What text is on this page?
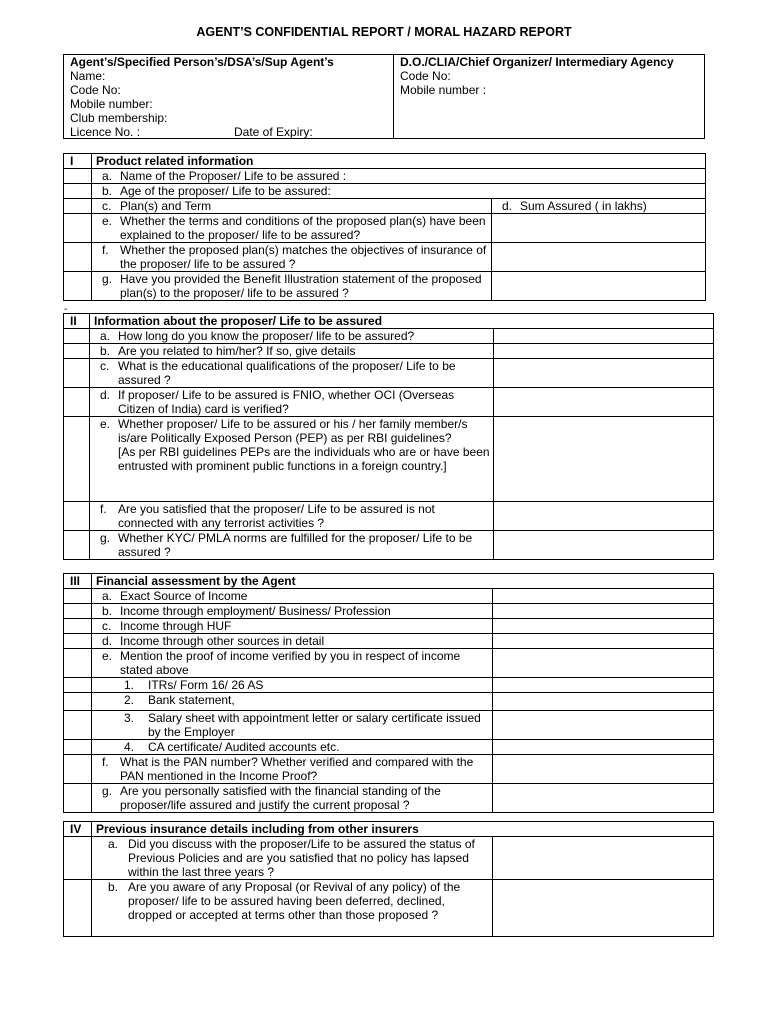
AGENT’S CONFIDENTIAL REPORT / MORAL HAZARD REPORT
Agent’s/Specified Person’s/DSA’s/Sup Agent’s
Name:
Code No:
Mobile number:
Club membership:
Licence No. :	Date of Expiry:
D.O./CLIA/Chief Organizer/ Intermediary Agency
Code No:
Mobile number :
I	Product related information	

	a. Name of the Proposer/ Life to be assured :	

	b. Age of the proposer/ Life to be assured:	

	c. Plan(s) and Term	d. Sum Assured ( in lakhs)

	e. Whether the terms and conditions of the proposed plan(s) have been explained to the proposer/ life to be assured?	

	f. Whether the proposed plan(s) matches the objectives of insurance of the proposer/ life to be assured ?	

	g. Have you provided the Benefit Illustration statement of the proposed plan(s) to the proposer/ life to be assured ?	

-
II	Information about the proposer/ Life to be assured	

	a. How long do you know the proposer/ life to be assured?	

	b. Are you related to him/her? If so, give details	

	c. What is the educational qualifications of the proposer/ Life to be assured ?	

	d. If proposer/ Life to be assured is FNIO, whether OCI (Overseas Citizen of India) card is verified?	

	e. Whether proposer/ Life to be assured or his / her family member/s is/are Politically Exposed Person (PEP) as per RBI guidelines?
[As per RBI guidelines PEPs are the individuals who are or have been entrusted with prominent public functions in a foreign country.]	

	f. Are you satisfied that the proposer/ Life to be assured is not connected with any terrorist activities ?	

	g. Whether KYC/ PMLA norms are fulfilled for the proposer/ Life to be assured ?	

III	Financial assessment by the Agent	

	a. Exact Source of Income	

	b. Income through employment/ Business/ Profession	

	c. Income through HUF	

	d. Income through other sources in detail	

	e. Mention the proof of income verified by you in respect of income stated above	

	1. ITRs/ Form 16/ 26 AS	

	2. Bank statement,	

	3. Salary sheet with appointment letter or salary certificate issued by the Employer	

	4. CA certificate/ Audited accounts etc.	

	f. What is the PAN number? Whether verified and compared with the PAN mentioned in the Income Proof?	

	g. Are you personally satisfied with the financial standing of the proposer/life assured and justify the current proposal ?	

IV	Previous insurance details including from other insurers	

	a. Did you discuss with the proposer/Life to be assured the status of Previous Policies and are you satisfied that no policy has lapsed within the last three years ?	

	b. Are you aware of any Proposal (or Revival of any policy) of the proposer/ life to be assured having been deferred, declined, dropped or accepted at terms other than those proposed ?	
